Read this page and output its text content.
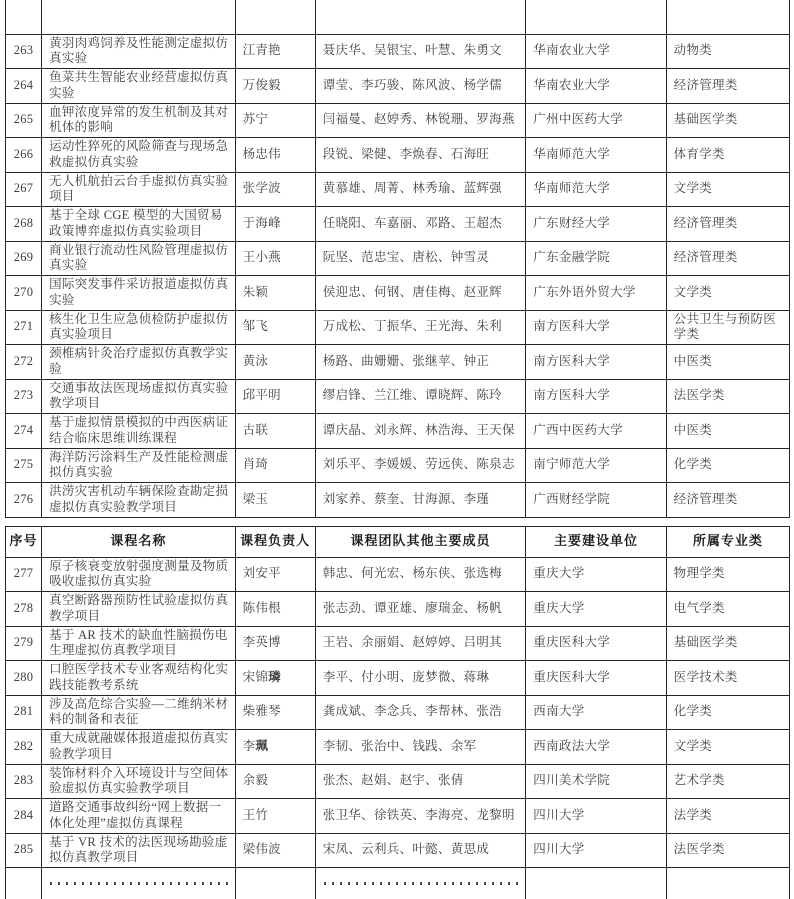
263	黄羽肉鸡饲养及性能测定虚拟仿真实验	江青艳	聂庆华、吴银宝、叶慧、朱勇文	华南农业大学	动物类
264	鱼菜共生智能农业经营虚拟仿真实验	万俊毅	谭莹、李巧骏、陈风波、杨学儒	华南农业大学	经济管理类
265	血钾浓度异常的发生机制及其对机体的影响	苏宁	闫福曼、赵婷秀、林锐珊、罗海燕	广州中医药大学	基础医学类
266	运动性猝死的风险筛查与现场急救虚拟仿真实验	杨忠伟	段锐、梁健、李焕春、石海旺	华南师范大学	体育学类
267	无人机航拍云台手虚拟仿真实验项目	张学波	黄慕雄、周菁、林秀瑜、蓝辉强	华南师范大学	文学类
268	基于全球 CGE 模型的大国贸易政策博弈虚拟仿真实验项目	于海峰	任晓阳、车嘉丽、邓路、王超杰	广东财经大学	经济管理类
269	商业银行流动性风险管理虚拟仿真实验	王小燕	阮坚、范忠宝、唐松、钟雪灵	广东金融学院	经济管理类
270	国际突发事件采访报道虚拟仿真实验	朱颖	侯迎忠、何钢、唐佳梅、赵亚辉	广东外语外贸大学	文学类
271	核生化卫生应急侦检防护虚拟仿真实验项目	邹飞	万成松、丁振华、王光海、朱利	南方医科大学	公共卫生与预防医学类
272	颈椎病针灸治疗虚拟仿真教学实验	黄泳	杨路、曲姗姗、张继苹、钟正	南方医科大学	中医类
273	交通事故法医现场虚拟仿真实验教学项目	邱平明	缪启锋、兰江维、谭晓辉、陈玲	南方医科大学	法医学类
274	基于虚拟情景模拟的中西医病证结合临床思维训练课程	古联	谭庆晶、刘永辉、林浩海、王天保	广西中医药大学	中医类
275	海洋防污涂料生产及性能检测虚拟仿真实验	肖琦	刘乐平、李媛媛、劳远侠、陈泉志	南宁师范大学	化学类
276	洪涝灾害机动车辆保险查勘定损虚拟仿真实验教学项目	梁玉	刘家养、蔡奎、甘海源、李瑾	广西财经学院	经济管理类
序号	课程名称	课程负责人	课程团队其他主要成员	主要建设单位	所属专业类
277	原子核衰变放射强度测量及物质吸收虚拟仿真实验	刘安平	韩忠、何光宏、杨东侠、张选梅	重庆大学	物理学类
278	真空断路器预防性试验虚拟仿真教学项目	陈伟根	张志劲、谭亚雄、廖瑞金、杨帆	重庆大学	电气学类
279	基于 AR 技术的缺血性脑损伤电生理虚拟仿真教学项目	李英博	王岩、余丽娟、赵婷婷、吕明其	重庆医科大学	基础医学类
280	口腔医学技术专业客观结构化实践技能教考系统	宋锦璘	李平、付小明、庞梦微、蒋琳	重庆医科大学	医学技术类
281	涉及高危综合实验—二维纳米材料的制备和表征	柴雅琴	龚成斌、李念兵、李帮林、张浩	西南大学	化学类
282	重大成就融媒体报道虚拟仿真实验教学项目	李珮	李韧、张治中、钱践、余军	西南政法大学	文学类
283	装饰材料介入环境设计与空间体验虚拟仿真实验教学项目	余毅	张杰、赵娟、赵宇、张倩	四川美术学院	艺术学类
284	道路交通事故纠纷“网上数据一体化处理”虚拟仿真课程	王竹	张卫华、徐铁英、李海亮、龙黎明	四川大学	法学类
285	基于 VR 技术的法医现场勘验虚拟仿真教学项目	梁伟波	宋凤、云利兵、叶懿、黄思成	四川大学	法医学类
